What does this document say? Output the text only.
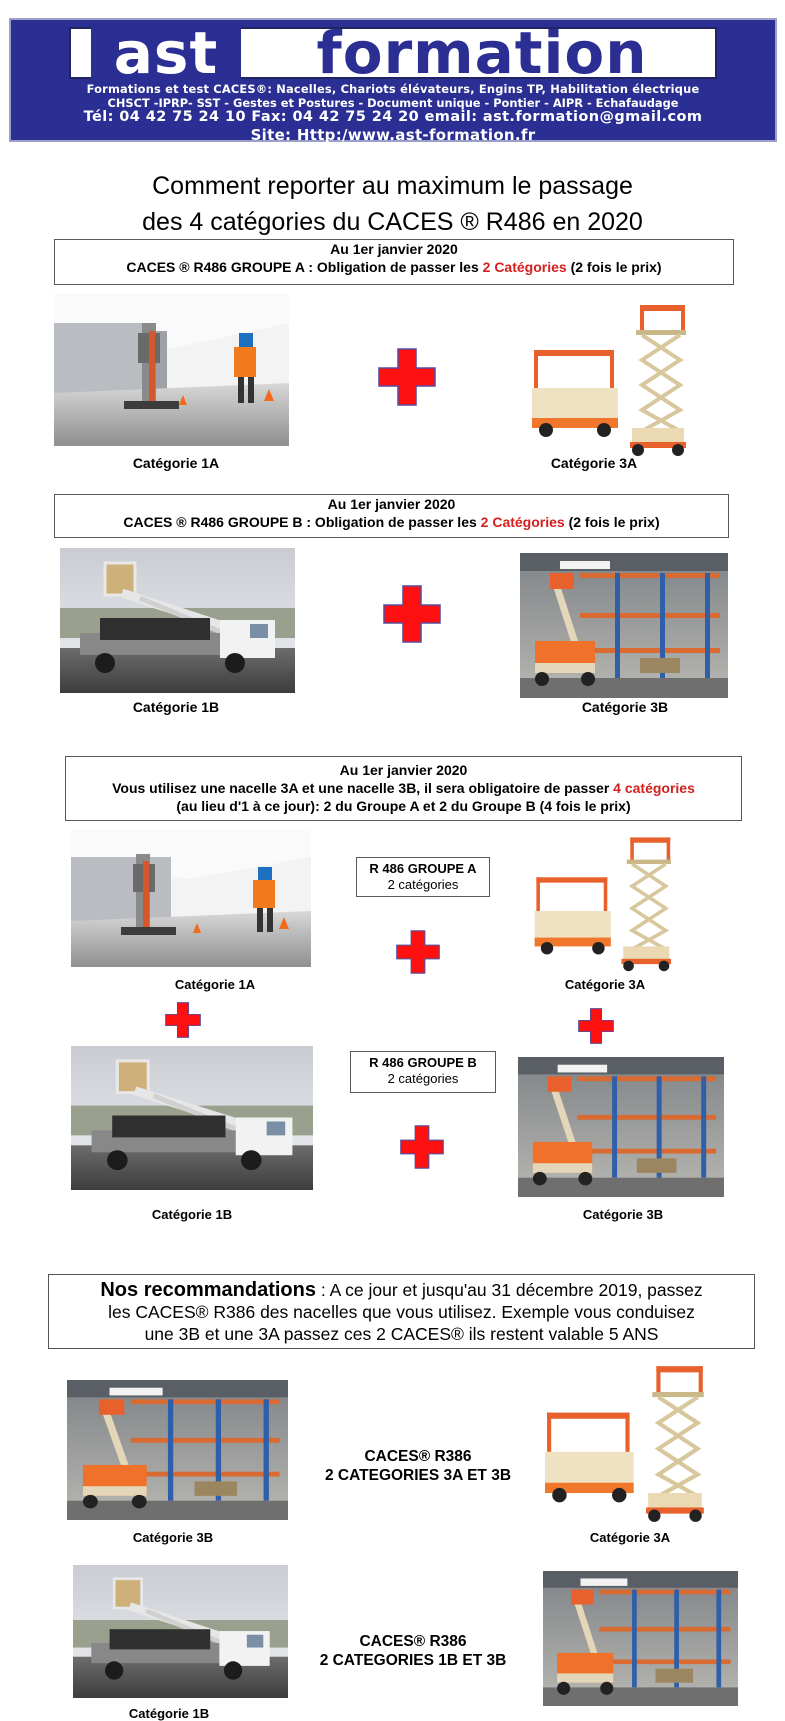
ast	formation
Formations et test CACES®: Nacelles, Chariots élévateurs, Engins TP, Habilitation électrique
CHSCT -IPRP- SST - Gestes et Postures - Document unique - Pontier - AIPR - Echafaudage
Tél: 04 42 75 24 10 Fax: 04 42 75 24 20 email: ast.formation@gmail.com
Site: Http:/www.ast-formation.fr
Comment reporter au maximum le passage
des 4 catégories du CACES ® R486 en 2020
Au 1er janvier 2020
CACES ® R486 GROUPE A : Obligation de passer les 2 Catégories (2 fois le prix)
Catégorie 1A	Catégorie 3A
Au 1er janvier 2020
CACES ® R486 GROUPE B : Obligation de passer les 2 Catégories (2 fois le prix)
Catégorie 1B	Catégorie 3B
Au 1er janvier 2020
Vous utilisez une nacelle 3A et une nacelle 3B, il sera obligatoire de passer 4 catégories
(au lieu d'1 à ce jour): 2 du Groupe A et 2 du Groupe B (4 fois le prix)
R 486 GROUPE A
2 catégories
Catégorie 1A	Catégorie 3A
R 486 GROUPE B
2 catégories
Catégorie 1B	Catégorie 3B
Nos recommandations : A ce jour et jusqu'au 31 décembre 2019, passez
les CACES® R386 des nacelles que vous utilisez. Exemple vous conduisez
une 3B et une 3A passez ces 2 CACES® ils restent valable 5 ANS
CACES® R386
2 CATEGORIES 3A ET 3B
Catégorie 3B	Catégorie 3A
CACES® R386
2 CATEGORIES 1B ET 3B
Catégorie 1B
